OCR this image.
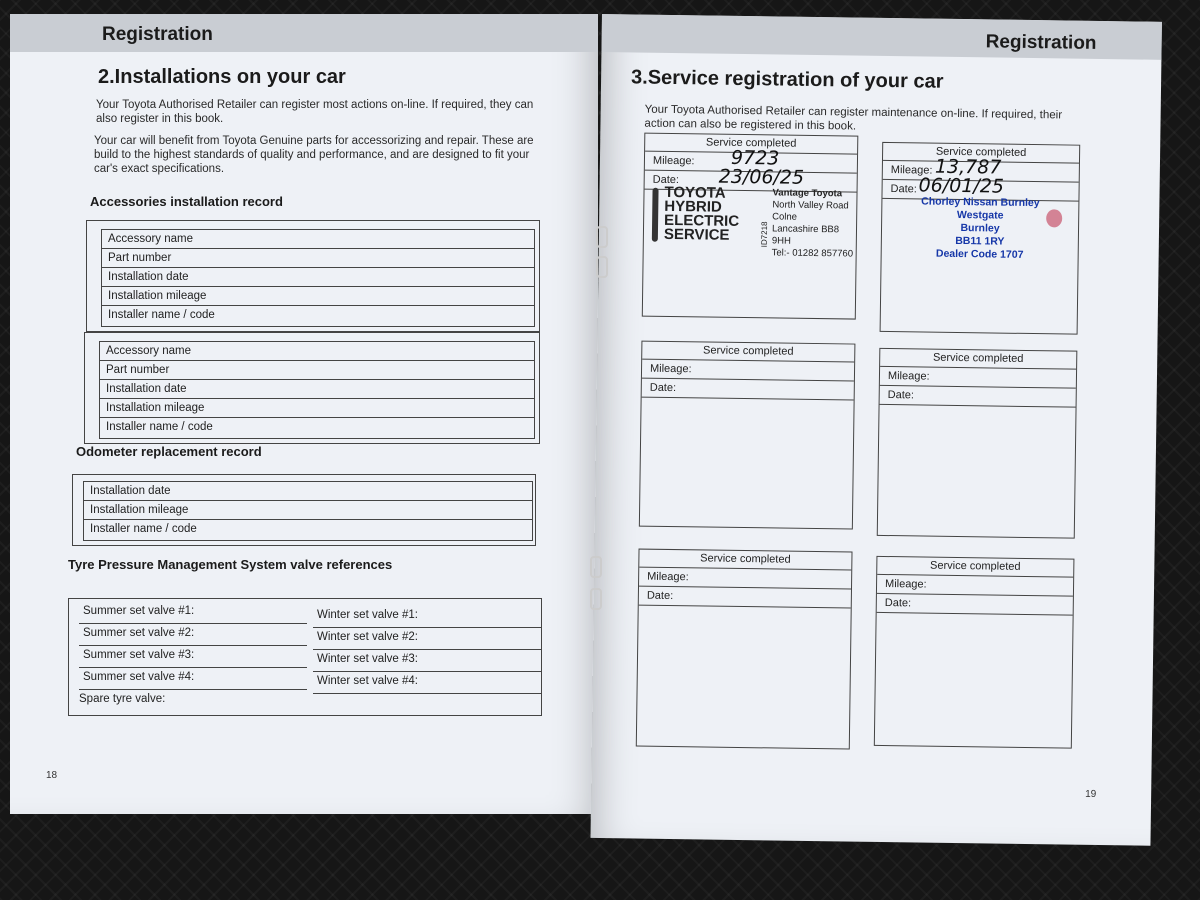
Registration
2.Installations on your car
Your Toyota Authorised Retailer can register most actions on-line. If required, they can also register in this book.
Your car will benefit from Toyota Genuine parts for accessorizing and repair. These are build to the highest standards of quality and performance, and are designed to fit your car's exact specifications.
Accessories installation record
Accessory name
Part number
Installation date
Installation mileage
Installer name / code
Accessory name
Part number
Installation date
Installation mileage
Installer name / code
Odometer replacement record
Installation date
Installation mileage
Installer name / code
Tyre Pressure Management System valve references
Summer set valve #1:
Summer set valve #2:
Summer set valve #3:
Summer set valve #4:
Spare tyre valve:
Winter set valve #1:
Winter set valve #2:
Winter set valve #3:
Winter set valve #4:
18
Registration
3.Service registration of your car
Your Toyota Authorised Retailer can register maintenance on-line. If required, their action can also be registered in this book.
Service completed
Mileage: 9723
Date: 23/06/25
TOYOTA
HYBRID
ELECTRIC
SERVICE	ID7218
Vantage Toyota
North Valley Road
Colne
Lancashire BB8 9HH
Tel:- 01282 857760
Service completed
Mileage: 13,787
Date: 06/01/25
Chorley Nissan Burnley
Westgate
Burnley
BB11 1RY
Dealer Code 1707
Service completed
Mileage:
Date:
Service completed
Mileage:
Date:
Service completed
Mileage:
Date:
Service completed
Mileage:
Date:
19
